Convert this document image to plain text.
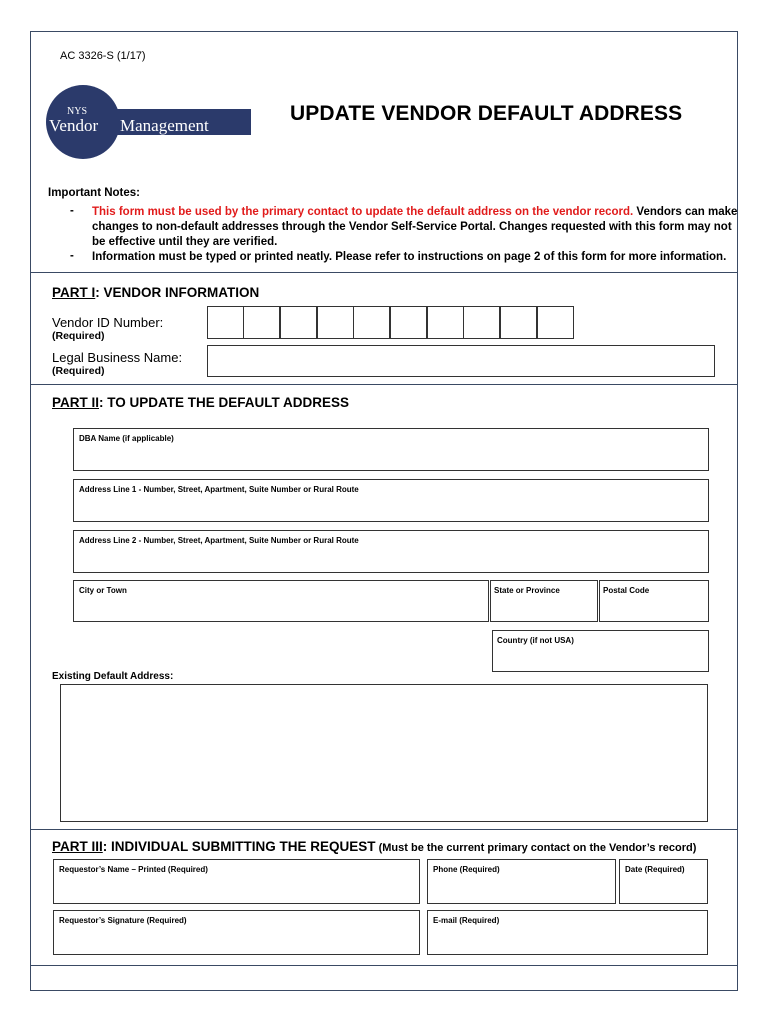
AC 3326-S (1/17)
NYS
Vendor Management
UPDATE VENDOR DEFAULT ADDRESS
Important Notes:
- This form must be used by the primary contact to update the default address on the vendor record. Vendors can make
changes to non-default addresses through the Vendor Self-Service Portal. Changes requested with this form may not
be effective until they are verified.
- Information must be typed or printed neatly. Please refer to instructions on page 2 of this form for more information.
PART I: VENDOR INFORMATION
Vendor ID Number:
(Required)
Legal Business Name:
(Required)
PART II: TO UPDATE THE DEFAULT ADDRESS
DBA Name (if applicable)
Address Line 1 - Number, Street, Apartment, Suite Number or Rural Route
Address Line 2 - Number, Street, Apartment, Suite Number or Rural Route
City or Town	State or Province	Postal Code
Country (if not USA)
Existing Default Address:
PART III: INDIVIDUAL SUBMITTING THE REQUEST (Must be the current primary contact on the Vendor’s record)
Requestor’s Name – Printed (Required)	Phone (Required)	Date (Required)
Requestor’s Signature (Required)	E-mail (Required)
